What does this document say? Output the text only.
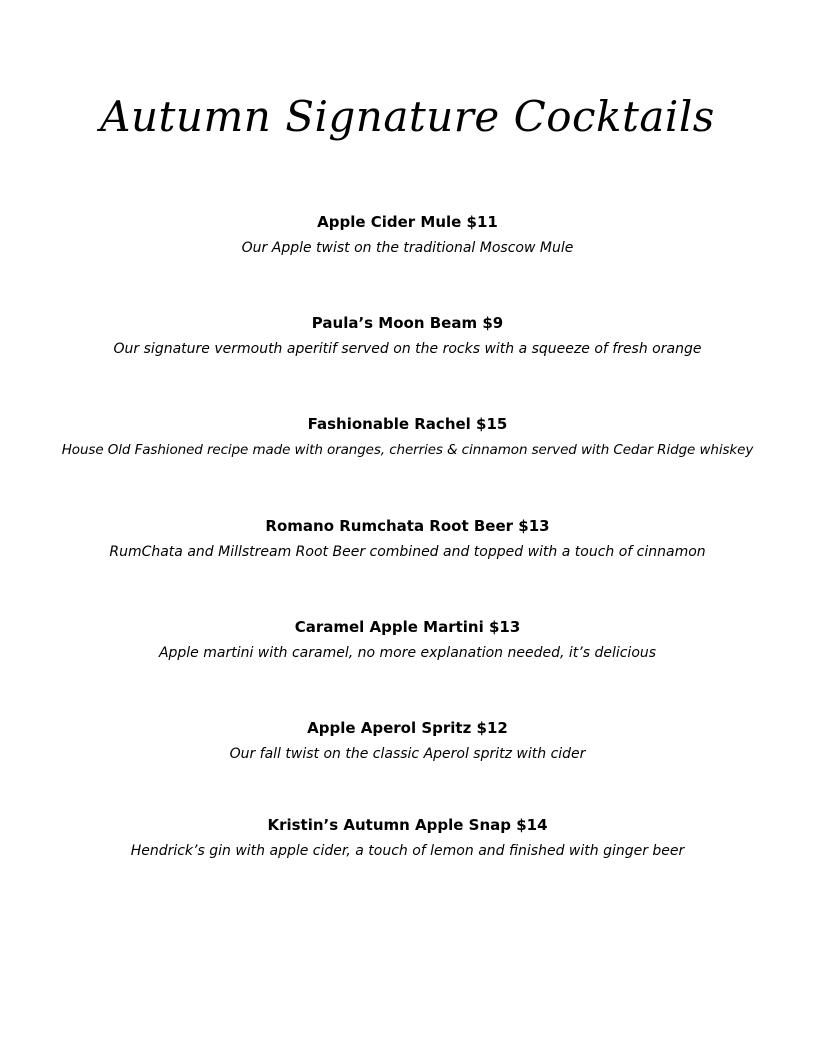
Autumn Signature Cocktails
Apple Cider Mule $11
Our Apple twist on the traditional Moscow Mule
Paula’s Moon Beam $9
Our signature vermouth aperitif served on the rocks with a squeeze of fresh orange
Fashionable Rachel $15
House Old Fashioned recipe made with oranges, cherries & cinnamon served with Cedar Ridge whiskey
Romano Rumchata Root Beer $13
RumChata and Millstream Root Beer combined and topped with a touch of cinnamon
Caramel Apple Martini $13
Apple martini with caramel, no more explanation needed, it’s delicious
Apple Aperol Spritz $12
Our fall twist on the classic Aperol spritz with cider
Kristin’s Autumn Apple Snap $14
Hendrick’s gin with apple cider, a touch of lemon and finished with ginger beer
